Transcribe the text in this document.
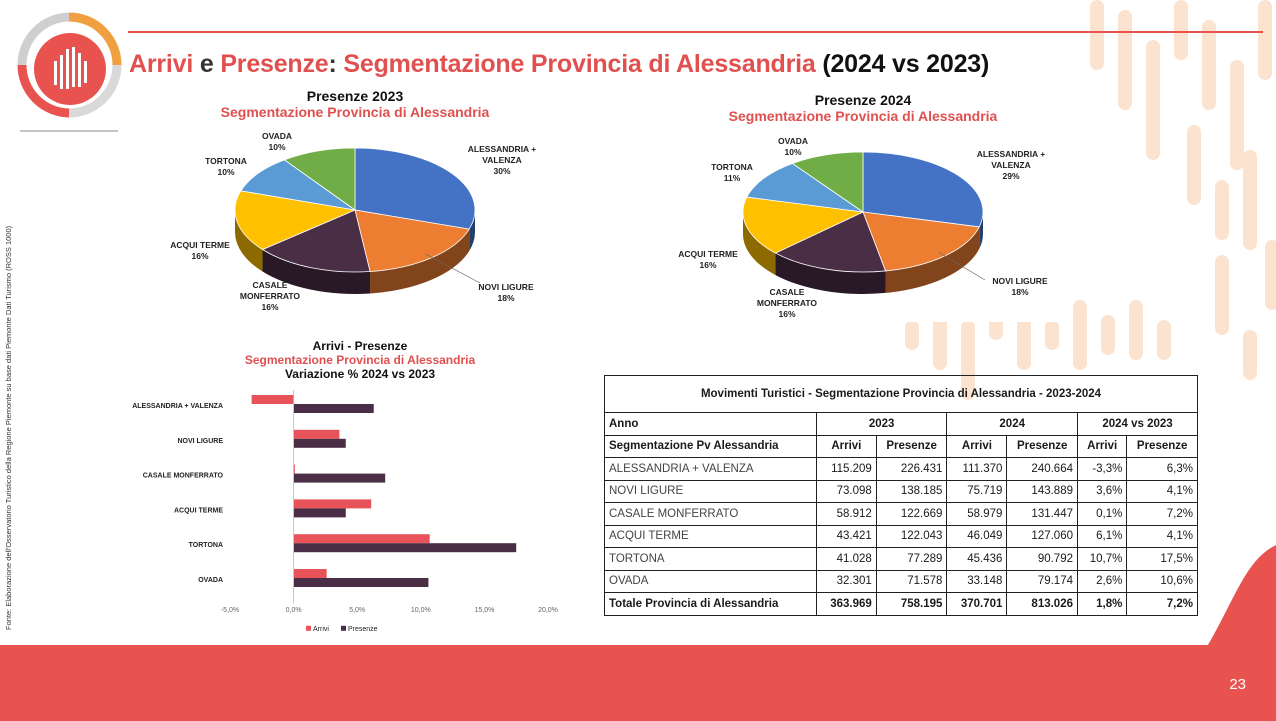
Fonte: Elaborazione dell'Osservatorio Turistico della Regione Piemonte su base dati Piemonte Dati Turismo (ROSS 1000)
Arrivi e Presenze: Segmentazione Provincia di Alessandria (2024 vs 2023)
Presenze 2023
Segmentazione Provincia di Alessandria
Presenze 2024
Segmentazione Provincia di Alessandria
ALESSANDRIA +
VALENZA
30%
NOVI LIGURE
18%
CASALE
MONFERRATO
16%
ACQUI TERME
16%
TORTONA
10%
OVADA
10%
ALESSANDRIA +
VALENZA
29%
NOVI LIGURE
18%
CASALE
MONFERRATO
16%
ACQUI TERME
16%
TORTONA
11%
OVADA
10%
Arrivi - Presenze
Segmentazione Provincia di Alessandria
Variazione % 2024 vs 2023
ALESSANDRIA + VALENZA
NOVI LIGURE
CASALE MONFERRATO
ACQUI TERME
TORTONA
OVADA
-5,0%	0,0%	5,0%	10,0%	15,0%	20,0%
Arrivi	Presenze
Movimenti Turistici - Segmentazione Provincia di Alessandria - 2023-2024						
Anno	2023		2024		2024 vs 2023	
Segmentazione Pv Alessandria	Arrivi	Presenze	Arrivi	Presenze	Arrivi	Presenze
ALESSANDRIA + VALENZA	115.209	226.431	111.370	240.664	-3,3%	6,3%
NOVI LIGURE	73.098	138.185	75.719	143.889	3,6%	4,1%
CASALE MONFERRATO	58.912	122.669	58.979	131.447	0,1%	7,2%
ACQUI TERME	43.421	122.043	46.049	127.060	6,1%	4,1%
TORTONA	41.028	77.289	45.436	90.792	10,7%	17,5%
OVADA	32.301	71.578	33.148	79.174	2,6%	10,6%
Totale Provincia di Alessandria	363.969	758.195	370.701	813.026	1,8%	7,2%
23
